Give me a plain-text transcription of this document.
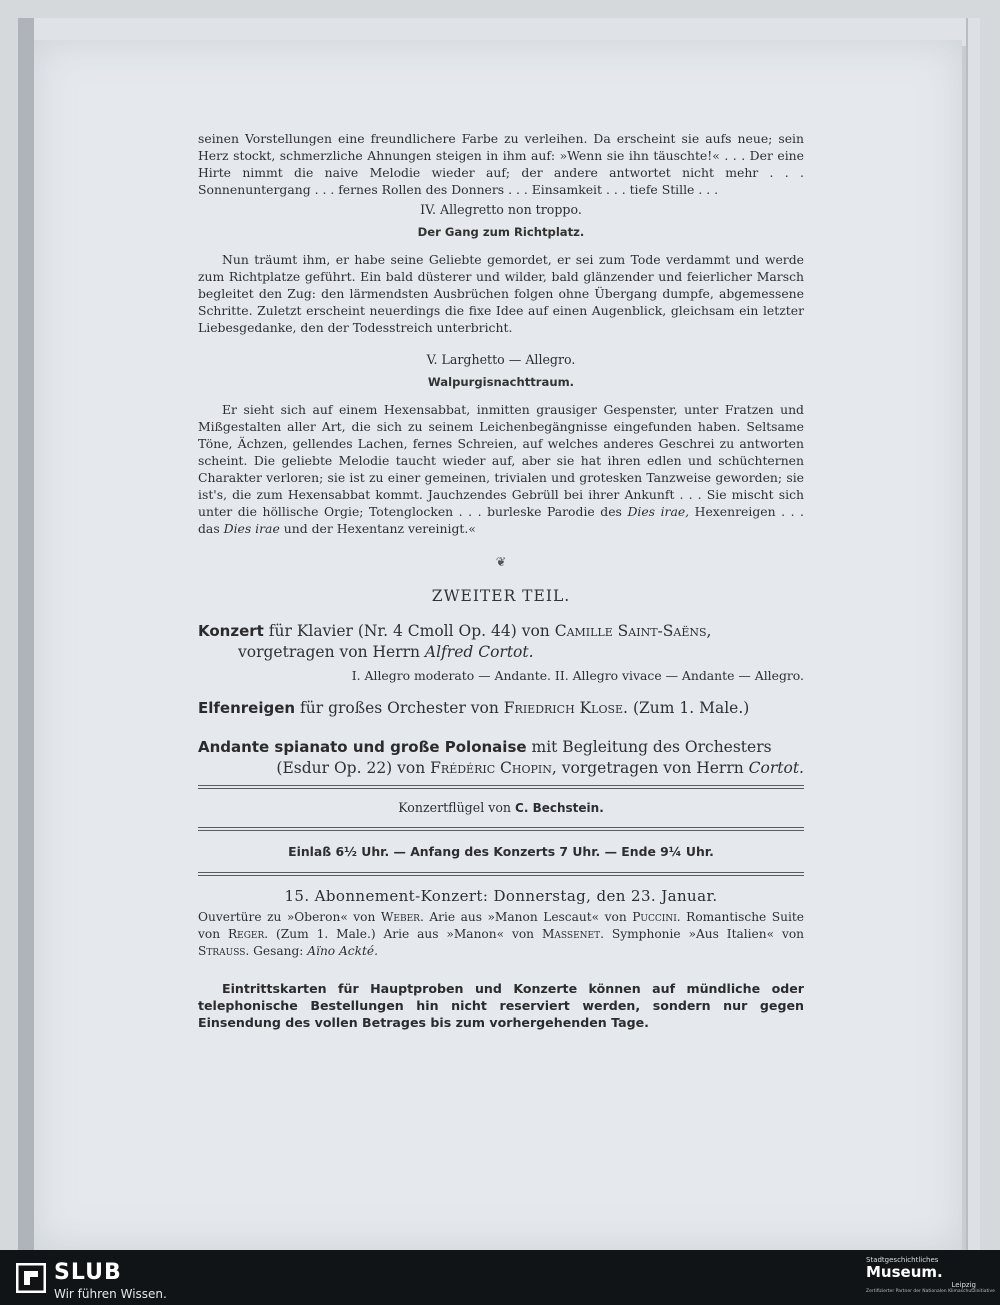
seinen Vorstellungen eine freundlichere Farbe zu verleihen. Da erscheint sie aufs neue; sein Herz stockt, schmerzliche Ahnungen steigen in ihm auf: »Wenn sie ihn täuschte!« . . . Der eine Hirte nimmt die naive Melodie wieder auf; der andere antwortet nicht mehr . . . Sonnenuntergang . . . fernes Rollen des Donners . . . Einsamkeit . . . tiefe Stille . . .

IV. Allegretto non troppo.
Der Gang zum Richtplatz.

Nun träumt ihm, er habe seine Geliebte gemordet, er sei zum Tode verdammt und werde zum Richtplatze geführt. Ein bald düsterer und wilder, bald glänzender und feierlicher Marsch begleitet den Zug: den lärmendsten Ausbrüchen folgen ohne Übergang dumpfe, abgemessene Schritte. Zuletzt erscheint neuerdings die fixe Idee auf einen Augenblick, gleichsam ein letzter Liebesgedanke, den der Todesstreich unterbricht.

V. Larghetto — Allegro.
Walpurgisnachttraum.

Er sieht sich auf einem Hexensabbat, inmitten grausiger Gespenster, unter Fratzen und Mißgestalten aller Art, die sich zu seinem Leichenbegängnisse eingefunden haben. Seltsame Töne, Ächzen, gellendes Lachen, fernes Schreien, auf welches anderes Geschrei zu antworten scheint. Die geliebte Melodie taucht wieder auf, aber sie hat ihren edlen und schüchternen Charakter verloren; sie ist zu einer gemeinen, trivialen und grotesken Tanzweise geworden; sie ist's, die zum Hexensabbat kommt. Jauchzendes Gebrüll bei ihrer Ankunft . . . Sie mischt sich unter die höllische Orgie; Totenglocken . . . burleske Parodie des Dies irae, Hexenreigen . . . das Dies irae und der Hexentanz vereinigt.«

❦
ZWEITER TEIL.
Konzert für Klavier (Nr. 4 Cmoll Op. 44) von Camille Saint-Saëns,
vorgetragen von Herrn Alfred Cortot.
I. Allegro moderato — Andante. II. Allegro vivace — Andante — Allegro.
Elfenreigen für großes Orchester von Friedrich Klose. (Zum 1. Male.)
Andante spianato und große Polonaise mit Begleitung des Orchesters
(Esdur Op. 22) von Frédéric Chopin, vorgetragen von Herrn Cortot.
Konzertflügel von C. Bechstein.
Einlaß 6½ Uhr. — Anfang des Konzerts 7 Uhr. — Ende 9¼ Uhr.
15. Abonnement-Konzert: Donnerstag, den 23. Januar.

Ouvertüre zu »Oberon« von Weber. Arie aus »Manon Lescaut« von Puccini. Romantische Suite von Reger. (Zum 1. Male.) Arie aus »Manon« von Massenet. Symphonie »Aus Italien« von Strauss. Gesang: Aïno Ackté.

Eintrittskarten für Hauptproben und Konzerte können auf mündliche oder telephonische Bestellungen hin nicht reserviert werden, sondern nur gegen Einsendung des vollen Betrages bis zum vorhergehenden Tage.

SLUB
Wir führen Wissen.
Stadtgeschichtliches
Museum.
Leipzig
Zertifizierter Partner der Nationalen Klimaschutzinitiative
